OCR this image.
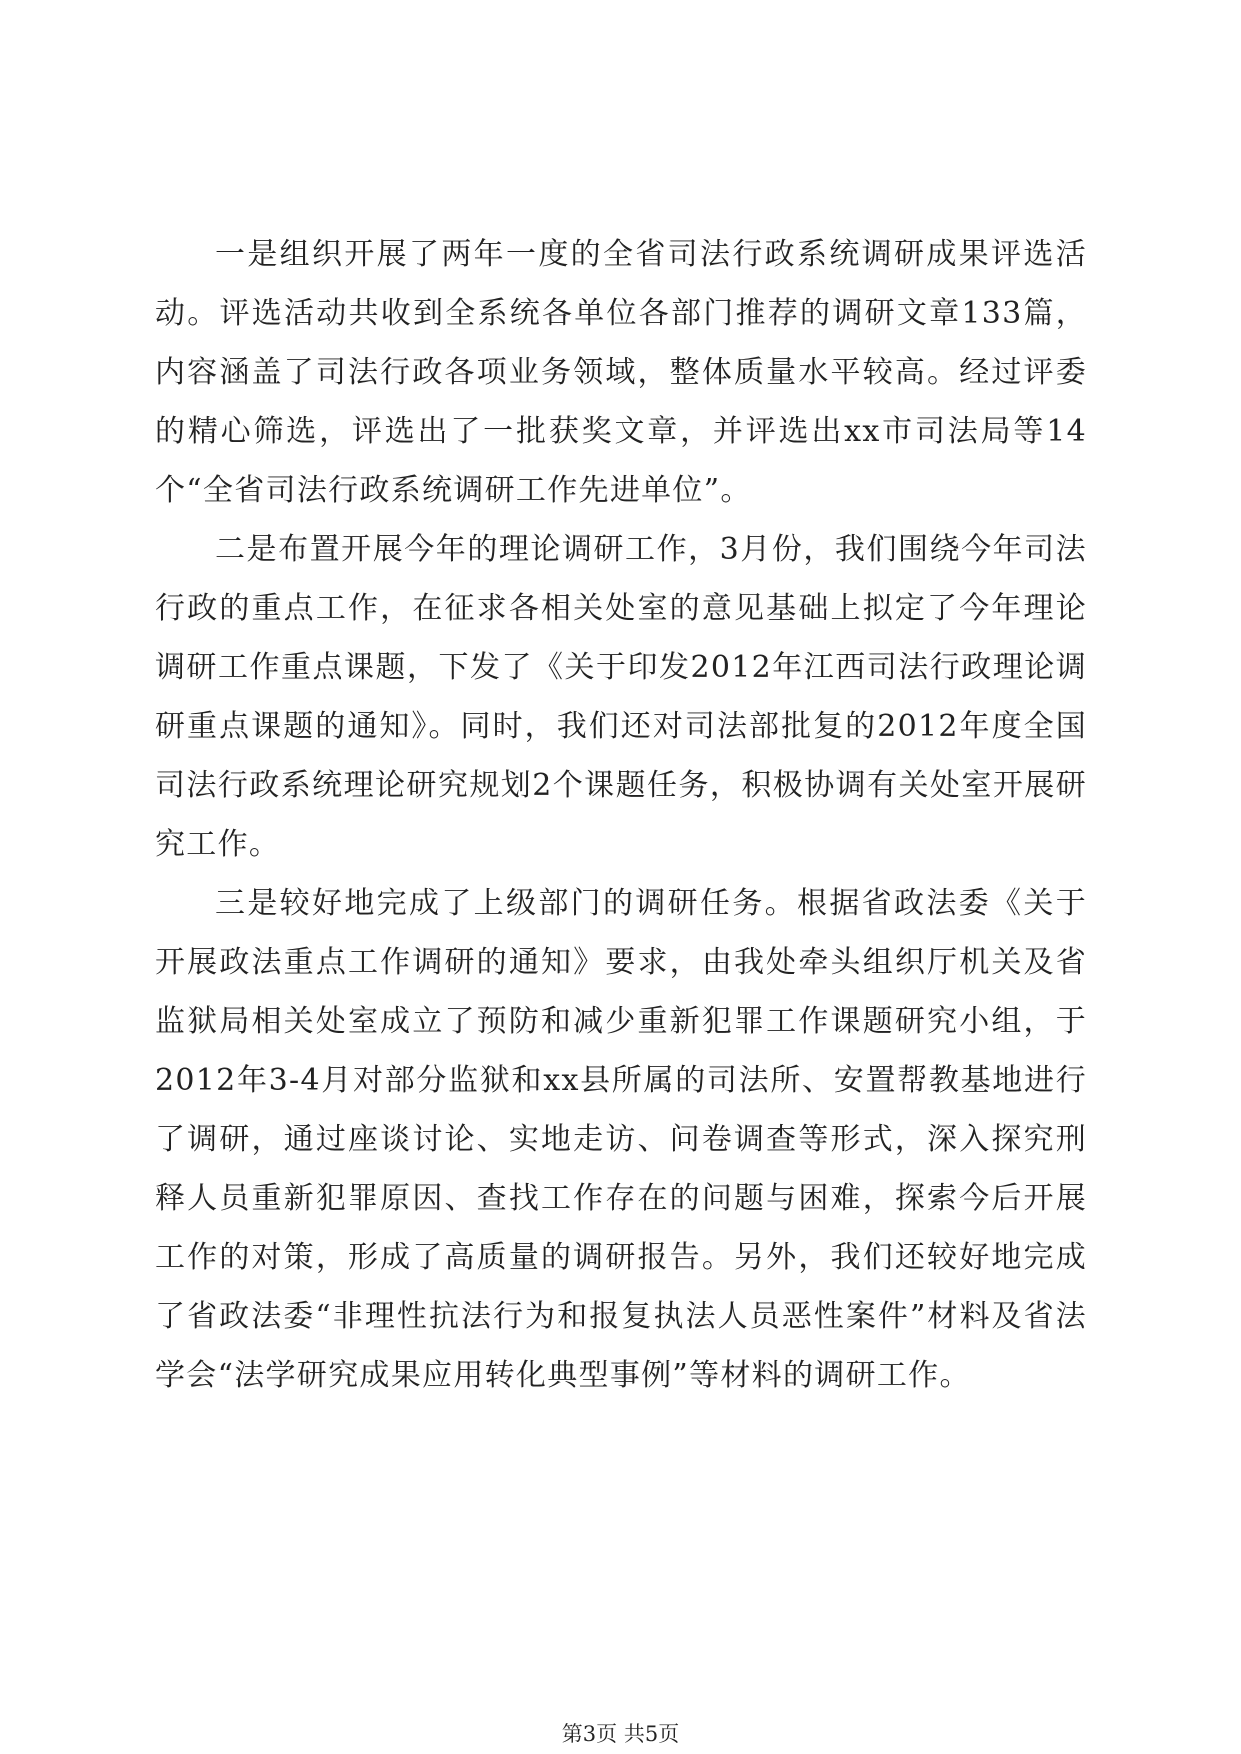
一是组织开展了两年一度的全省司法行政系统调研成果评选活动。评选活动共收到全系统各单位各部门推荐的调研文章133篇，内容涵盖了司法行政各项业务领域，整体质量水平较高。经过评委的精心筛选，评选出了一批获奖文章，并评选出xx市司法局等14个“全省司法行政系统调研工作先进单位”。

二是布置开展今年的理论调研工作，3月份，我们围绕今年司法行政的重点工作，在征求各相关处室的意见基础上拟定了今年理论调研工作重点课题，下发了《关于印发2012年江西司法行政理论调研重点课题的通知》。同时，我们还对司法部批复的2012年度全国司法行政系统理论研究规划2个课题任务，积极协调有关处室开展研究工作。

三是较好地完成了上级部门的调研任务。根据省政法委《关于开展政法重点工作调研的通知》要求，由我处牵头组织厅机关及省监狱局相关处室成立了预防和减少重新犯罪工作课题研究小组，于2012年3-4月对部分监狱和xx县所属的司法所、安置帮教基地进行了调研，通过座谈讨论、实地走访、问卷调查等形式，深入探究刑释人员重新犯罪原因、查找工作存在的问题与困难，探索今后开展工作的对策，形成了高质量的调研报告。另外，我们还较好地完成了省政法委“非理性抗法行为和报复执法人员恶性案件”材料及省法学会“法学研究成果应用转化典型事例”等材料的调研工作。

第3页 共5页
